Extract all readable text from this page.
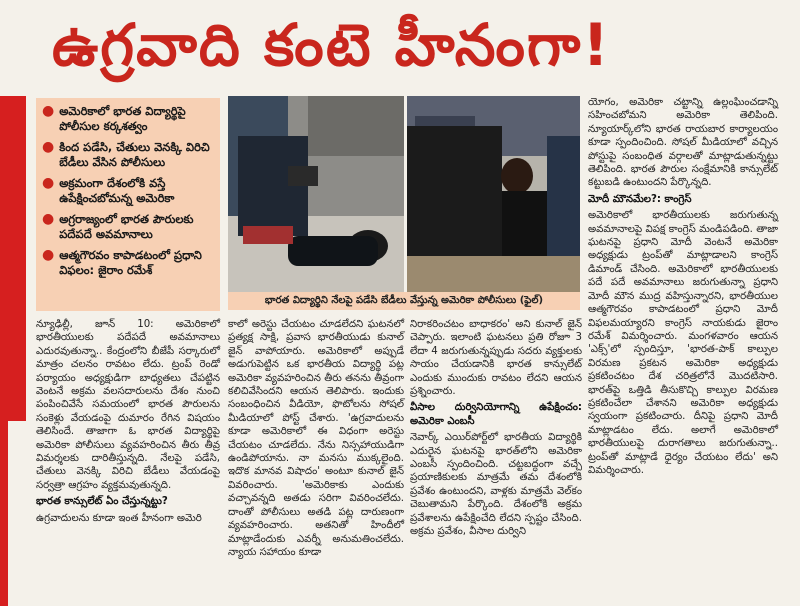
ఉగ్రవాది కంటె హీనంగా!
● అమెరికాలో భారత విద్యార్థిపై పోలీసుల కర్కశత్వం
● కింద పడేసి, చేతులు వెనక్కి విరిచి బేడీలు వేసిన పోలీసులు
● అక్రమంగా దేశంలోకి వస్తే ఉపేక్షించబోమన్న అమెరికా
● అగ్రరాజ్యంలో భారత పౌరులకు పదేపదే అవమానాలు
● ఆత్మగౌరవం కాపాడటంలో ప్రధాని విఫలం: జైరాం రమేశ్
భారత విద్యార్థిని నేలపై పడేసి బేడీలు వేస్తున్న అమెరికా పోలీసులు (ఫైల్)

న్యూఢిల్లీ, జూన్ 10: అమెరికాలో భారతీయులకు పదేపదే అవమానాలు ఎదురవుతున్నా.. కేంద్రంలోని బీజేపీ సర్కారులో మాత్రం చలనం రావటం లేదు. ట్రంప్ రెండో పర్యాయం అధ్యక్షుడిగా బాధ్యతలు చేపట్టిన వెంటనే అక్రమ వలసదారులను దేశం నుంచి పంపించివేసే సమయంలో భారత పౌరులను సంకెళ్లు వేయడంపై దుమారం రేగిన విషయం తెలిసిందే. తాజాగా ఓ భారత విద్యార్థిపై అమెరికా పోలీసులు వ్యవహరించిన తీరు తీవ్ర విమర్శలకు దారితీస్తున్నది. నేలపై పడేసి, చేతులు వెనక్కి విరిచి బేడీలు వేయడంపై సర్వత్రా ఆగ్రహం వ్యక్తమవుతున్నది.

భారత కాన్సులేట్ ఏం చేస్తున్నట్టు?

ఉగ్రవాదులను కూడా ఇంత హీనంగా అమెరి

కాలో అరెస్టు చేయటం చూడలేదని ఘటనలో ప్రత్యక్ష సాక్షి, ప్రవాస భారతీయుడు కునాల్ జైన్ వాపోయారు. అమెరికాలో అప్పుడే అడుగుపెట్టిన ఒక భారతీయ విద్యార్థి పట్ల అమెరికా వ్యవహరించిన తీరు తనను తీవ్రంగా కలిచివేసిందని ఆయన తెలిపారు. ఇందుకు సంబంధించిన వీడియో, ఫొటోలను సోషల్ మీడియాలో పోస్ట్ చేశారు. 'ఉగ్రవాదులను కూడా అమెరికాలో ఈ విధంగా అరెస్టు చేయటం చూడలేదు. నేను నిస్సహాయుడిగా ఉండిపోయాను. నా మనసు ముక్కలైంది. ఇదొక మానవ విషాదం' అంటూ కునాల్ జైన్ వివరించారు. 'అమెరికాకు ఎందుకు వచ్చావన్నది అతడు సరిగా వివరించలేదు. దాంతో పోలీసులు అతడి పట్ల దారుణంగా వ్యవహరించారు. అతనితో హిందీలో మాట్లాడేందుకు ఎవర్నీ అనుమతించలేదు. న్యాయ సహాయం కూడా

నిరాకరించటం బాధాకరం' అని కునాల్ జైన్ చెప్పారు. ఇలాంటి ఘటనలు ప్రతి రోజూ 3 లేదా 4 జరుగుతున్నప్పుడు సదరు వ్యక్తులకు సాయం చేయడానికి భారత కాన్సులేట్ ఎందుకు ముందుకు రావటం లేదని ఆయన ప్రశ్నించారు.

వీసాల దుర్వినియోగాన్ని ఉపేక్షించం: అమెరికా ఎంబసీ

నెవార్క్ ఎయిర్‌పోర్ట్‌లో భారతీయ విద్యార్థికి ఎదురైన ఘటనపై భారత్‌లోని అమెరికా ఎంబసీ స్పందించింది. చట్టబద్ధంగా వచ్చే ప్రయాణికులకు మాత్రమే తమ దేశంలోకి ప్రవేశం ఉంటుందని, వాళ్లకు మాత్రమే వెల్‌కం చెబుతామని పేర్కొంది. దేశంలోకి అక్రమ ప్రవేశాలను ఉపేక్షించేది లేదని స్పష్టం చేసింది. అక్రమ ప్రవేశం, వీసాల దుర్విని

యోగం, అమెరికా చట్టాన్ని ఉల్లంఘించడాన్ని సహించబోమని అమెరికా తెలిపింది. న్యూయార్క్‌లోని భారత రాయబార కార్యాలయం కూడా స్పందించింది. సోషల్ మీడియాలో వచ్చిన పోస్టుపై సంబంధిత వర్గాలతో మాట్లాడుతున్నట్టు తెలిపింది. భారత పౌరుల సంక్షేమానికి కాన్సులేట్ కట్టుబడి ఉంటుందని పేర్కొన్నది.

మోదీ మౌనమేల?: కాంగ్రెస్

అమెరికాలో భారతీయులకు జరుగుతున్న అవమానాలపై విపక్ష కాంగ్రెస్ మండిపడింది. తాజా ఘటనపై ప్రధాని మోదీ వెంటనే అమెరికా అధ్యక్షుడు ట్రంప్‌తో మాట్లాడాలని కాంగ్రెస్ డిమాండ్ చేసింది. అమెరికాలో భారతీయులకు పదే పదే అవమానాలు జరుగుతున్నా ప్రధాని మోదీ మౌన ముద్ర వహిస్తున్నారని, భారతీయుల ఆత్మగౌరవం కాపాడటంలో ప్రధాని మోదీ విఫలమయ్యారని కాంగ్రెస్ నాయకుడు జైరాం రమేశ్ విమర్శించారు. మంగళవారం ఆయన 'ఎక్స్'లో స్పందిస్తూ, 'భారత-పాక్ కాల్పుల విరమణ ప్రకటన అమెరికా అధ్యక్షుడు ప్రకటించటం దేశ చరిత్రలోనే మొదటిసారి. భారత్‌పై ఒత్తిడి తీసుకొచ్చి కాల్పుల విరమణ ప్రకటించేలా చేశానని అమెరికా అధ్యక్షుడు స్వయంగా ప్రకటించారు. దీనిపై ప్రధాని మోదీ మాట్లాడటం లేదు. అలాగే అమెరికాలో భారతీయులపై దురాగతాలు జరుగుతున్నా.. ట్రంప్‌తో మాట్లాడే ధైర్యం చేయటం లేదు' అని విమర్శించారు.
